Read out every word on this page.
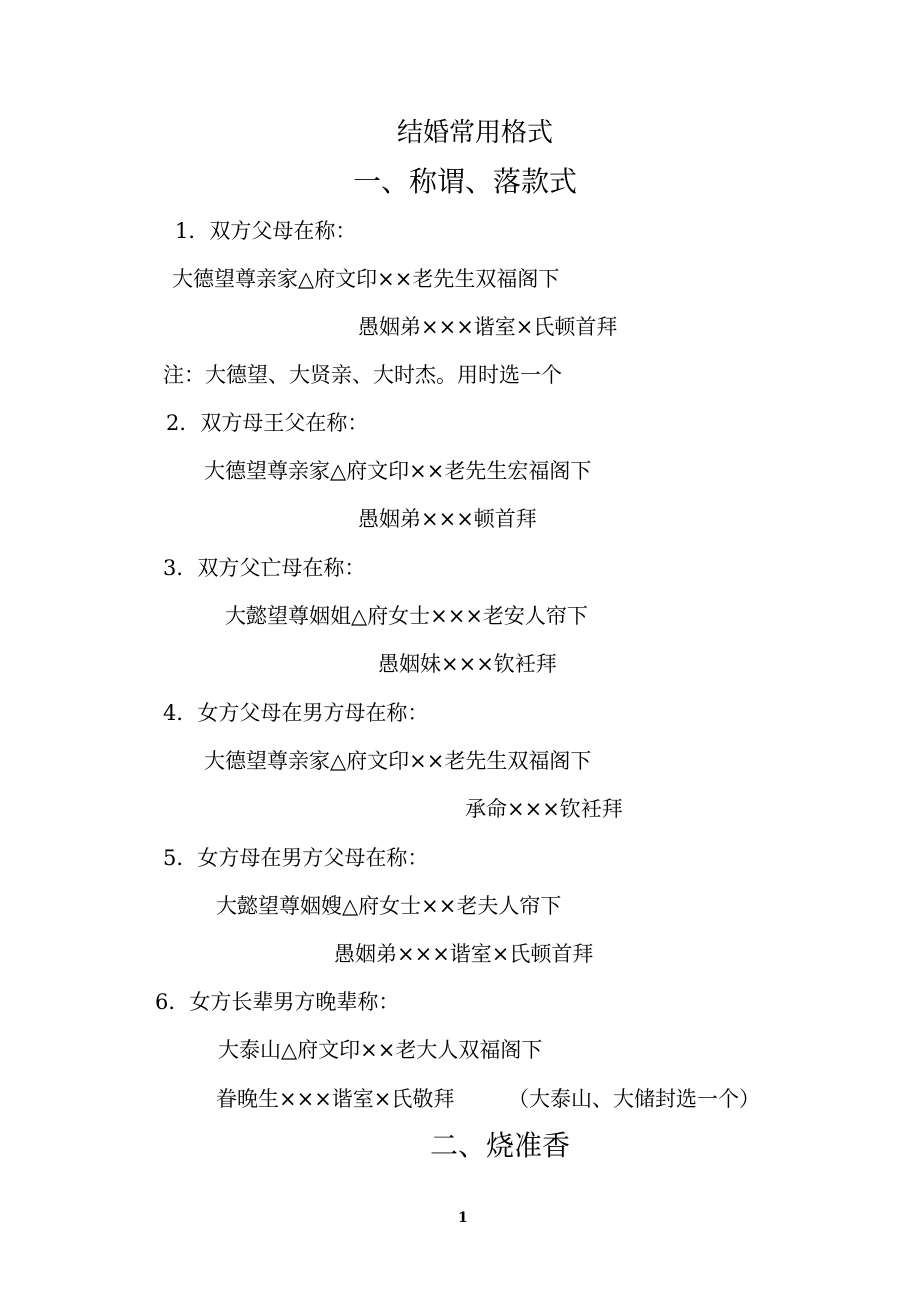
结婚常用格式
一、称谓、落款式
1．双方父母在称：
大德望尊亲家△府文印××老先生双福阁下
愚姻弟×××谐室×氏顿首拜
注：大德望、大贤亲、大时杰。用时选一个
2．双方母王父在称：
大德望尊亲家△府文印××老先生宏福阁下
愚姻弟×××顿首拜
3．双方父亡母在称：
大懿望尊姻姐△府女士×××老安人帘下
愚姻妹×××钦衽拜
4．女方父母在男方母在称：
大德望尊亲家△府文印××老先生双福阁下
承命×××钦衽拜
5．女方母在男方父母在称：
大懿望尊姻嫂△府女士××老夫人帘下
愚姻弟×××谐室×氏顿首拜
6．女方长辈男方晚辈称：
大泰山△府文印××老大人双福阁下
眷晚生×××谐室×氏敬拜	（大泰山、大储封选一个）
二、烧准香
1
